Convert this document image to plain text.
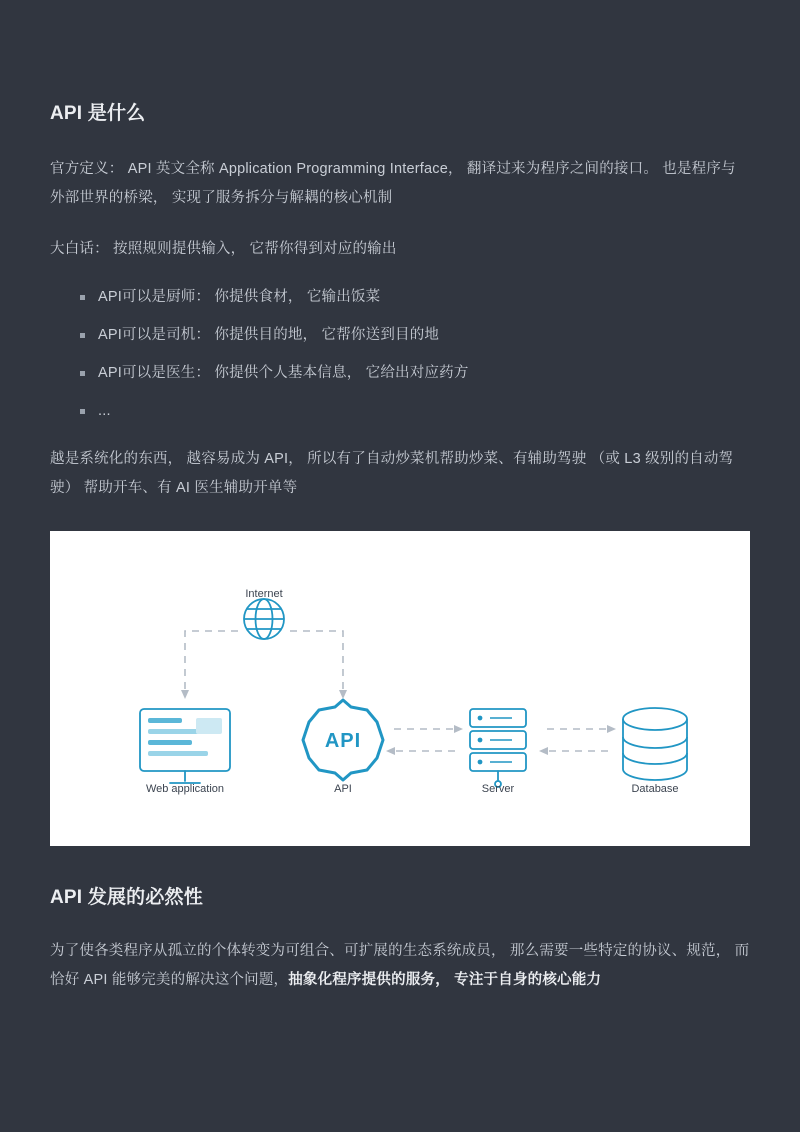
API 是什么

官方定义： API 英文全称 Application Programming Interface， 翻译过来为程序之间的接口。 也是程序与外部世界的桥梁， 实现了服务拆分与解耦的核心机制

大白话： 按照规则提供输入， 它帮你得到对应的输出

API可以是厨师： 你提供食材， 它输出饭菜
API可以是司机： 你提供目的地， 它帮你送到目的地
API可以是医生： 你提供个人基本信息， 它给出对应药方
...

越是系统化的东西， 越容易成为 API， 所以有了自动炒菜机帮助炒菜、有辅助驾驶 （或 L3 级别的自动驾驶） 帮助开车、有 AI 医生辅助开单等

Internet
Web application
API
API	Server	Database
API 发展的必然性

为了使各类程序从孤立的个体转变为可组合、可扩展的生态系统成员， 那么需要一些特定的协议、规范， 而恰好 API 能够完美的解决这个问题，抽象化程序提供的服务， 专注于自身的核心能力
